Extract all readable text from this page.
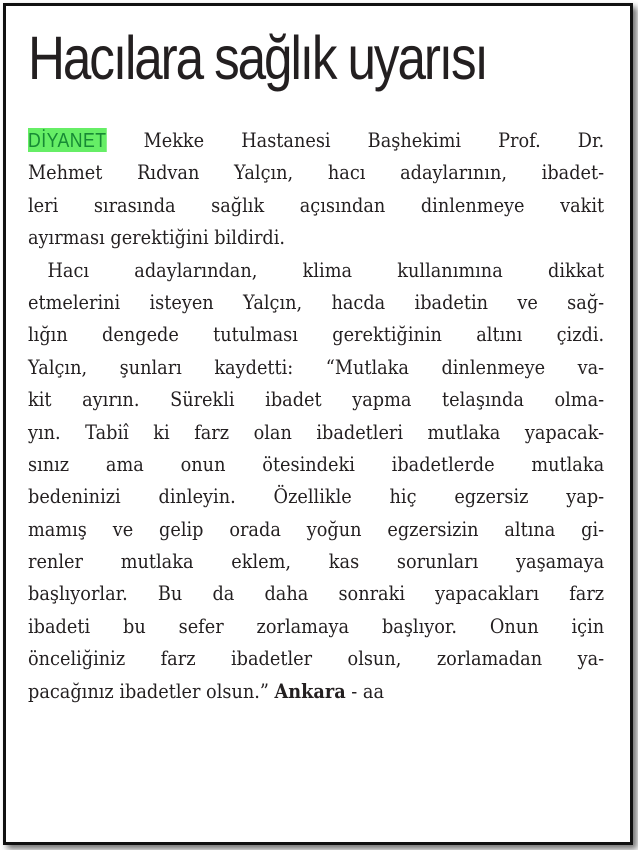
Hacılara sağlık uyarısı
DİYANET Mekke Hastanesi Başhekimi Prof. Dr.
Mehmet Rıdvan Yalçın, hacı adaylarının, ibadet-
leri sırasında sağlık açısından dinlenmeye vakit
ayırması gerektiğini bildirdi.
Hacı adaylarından, klima kullanımına dikkat
etmelerini isteyen Yalçın, hacda ibadetin ve sağ-
lığın dengede tutulması gerektiğinin altını çizdi.
Yalçın, şunları kaydetti: “Mutlaka dinlenmeye va-
kit ayırın. Sürekli ibadet yapma telaşında olma-
yın. Tabiî ki farz olan ibadetleri mutlaka yapacak-
sınız ama onun ötesindeki ibadetlerde mutlaka
bedeninizi dinleyin. Özellikle hiç egzersiz yap-
mamış ve gelip orada yoğun egzersizin altına gi-
renler mutlaka eklem, kas sorunları yaşamaya
başlıyorlar. Bu da daha sonraki yapacakları farz
ibadeti bu sefer zorlamaya başlıyor. Onun için
önceliğiniz farz ibadetler olsun, zorlamadan ya-
pacağınız ibadetler olsun.” Ankara - aa
